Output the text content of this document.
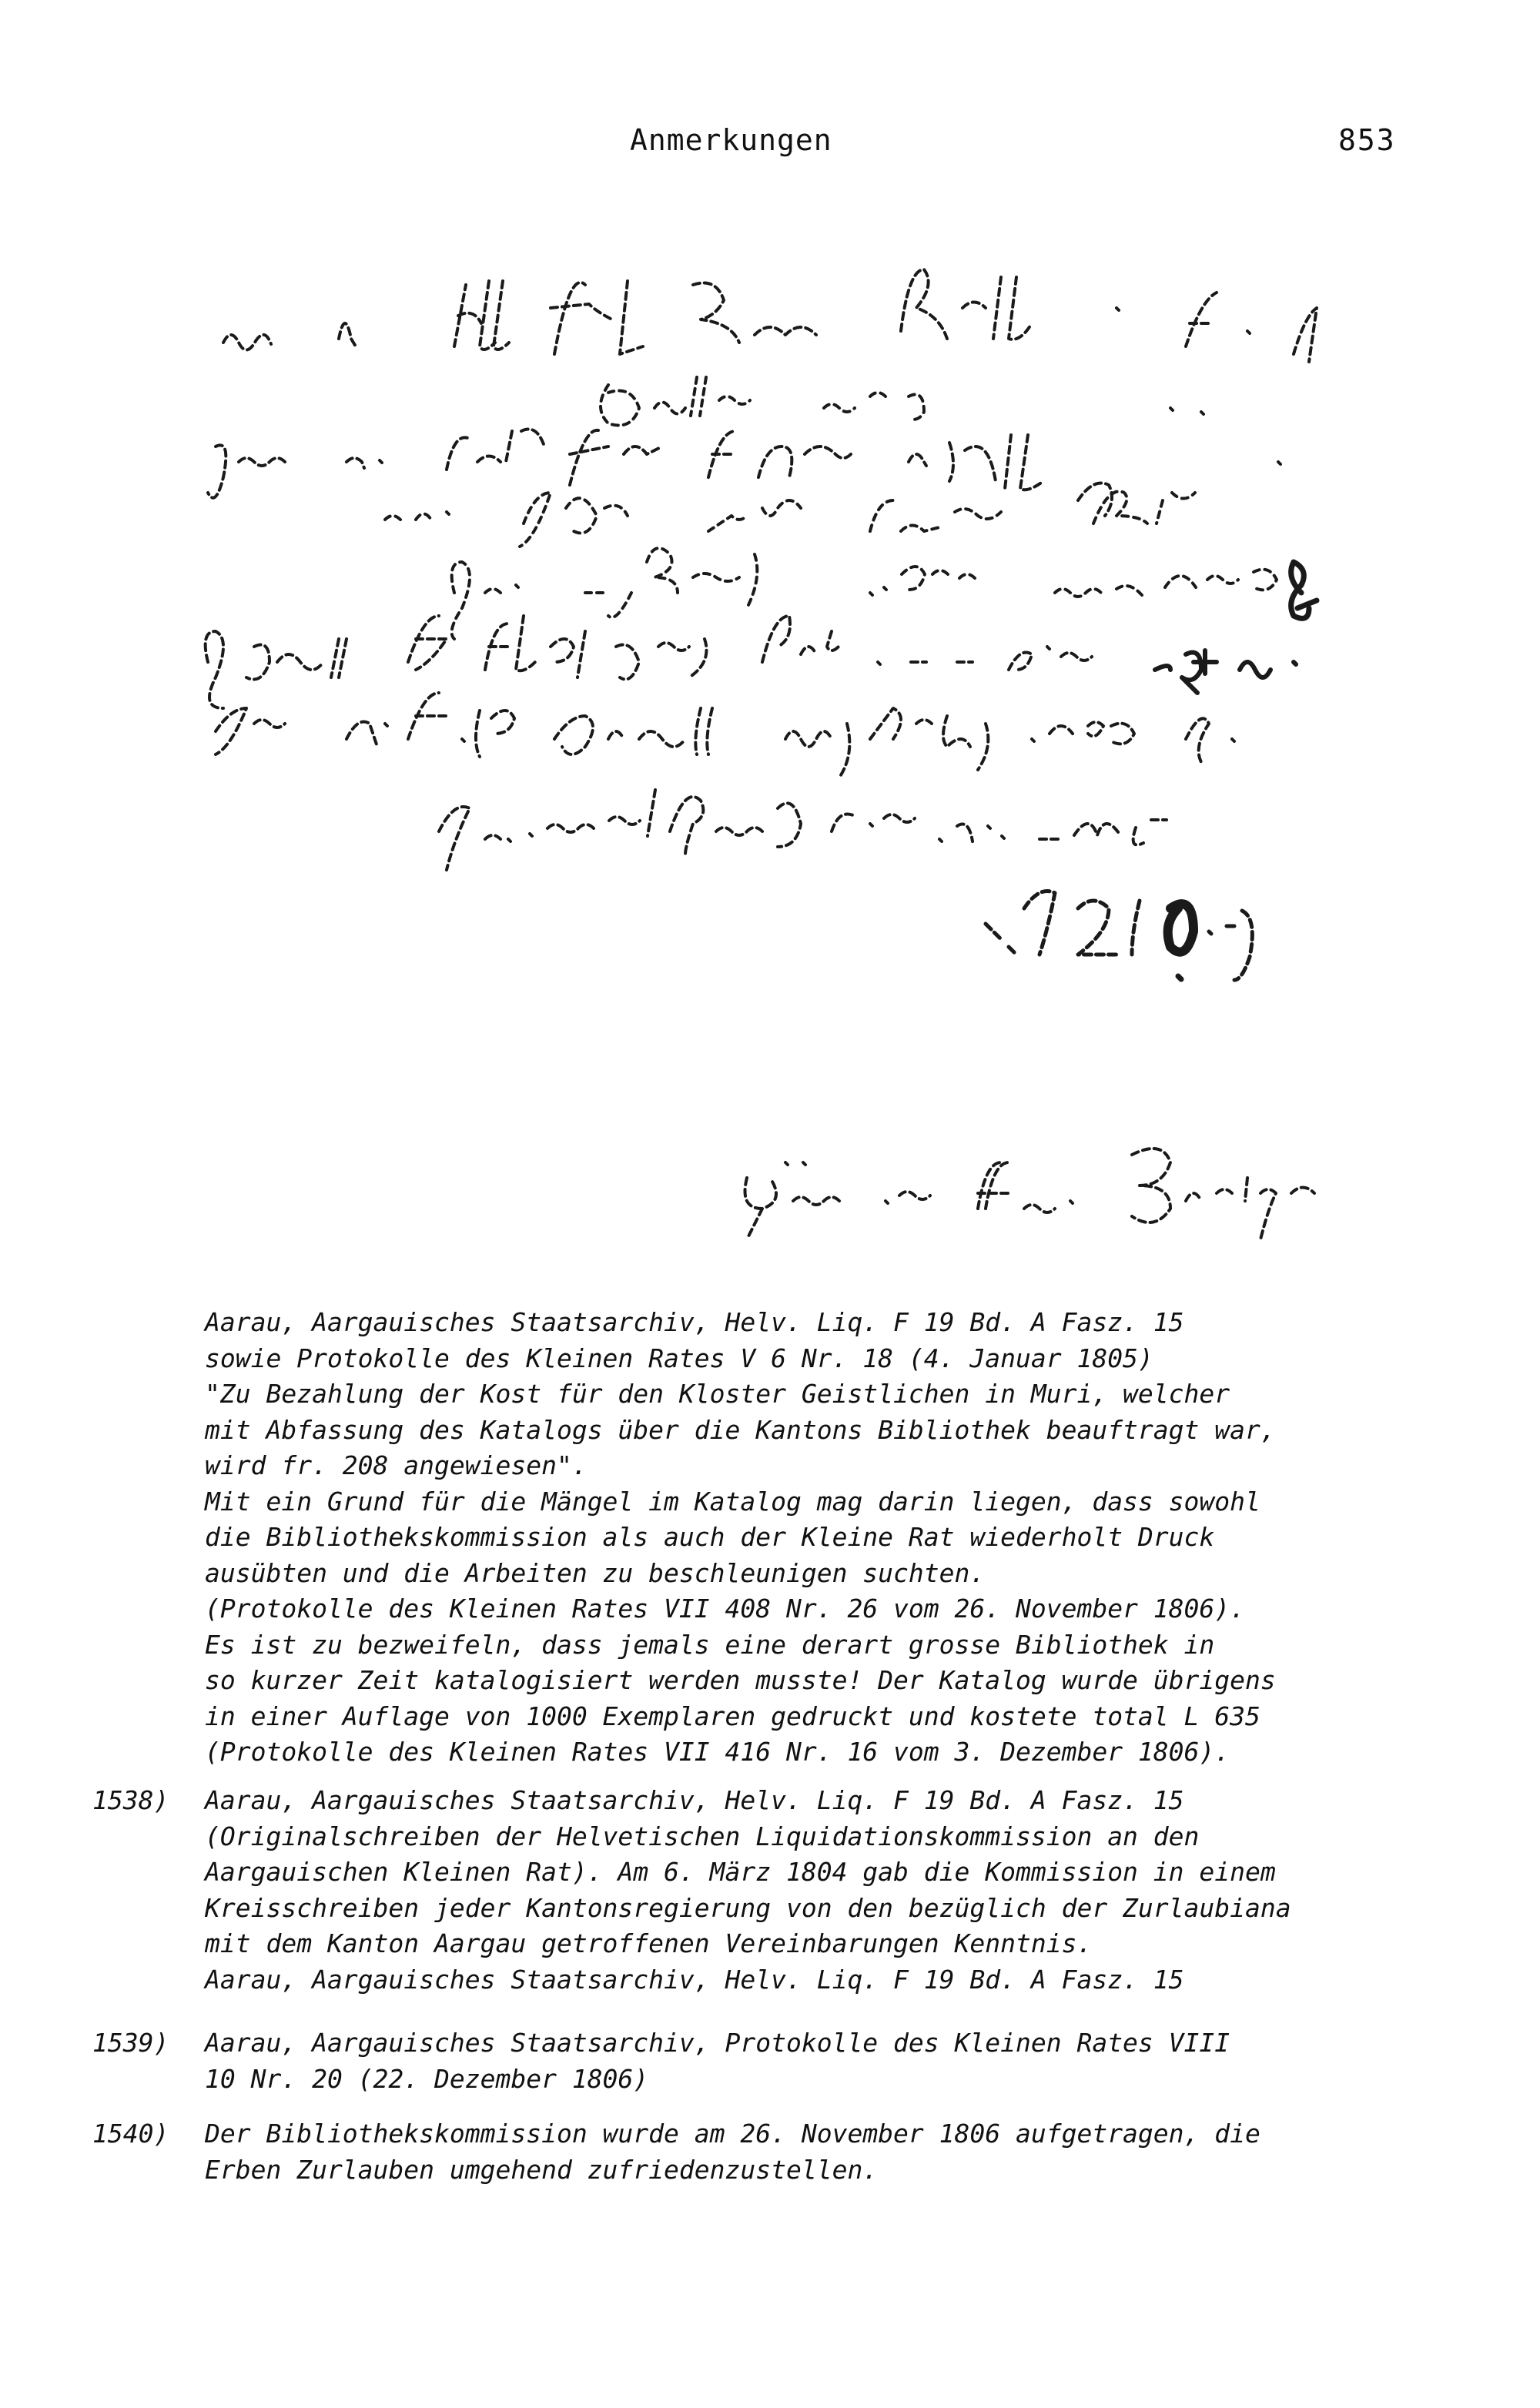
Anmerkungen	853
Aarau, Aargauisches Staatsarchiv, Helv. Liq. F 19 Bd. A Fasz. 15
sowie Protokolle des Kleinen Rates V 6 Nr. 18 (4. Januar 1805)
"Zu Bezahlung der Kost für den Kloster Geistlichen in Muri, welcher
mit Abfassung des Katalogs über die Kantons Bibliothek beauftragt war,
wird fr. 208 angewiesen".
Mit ein Grund für die Mängel im Katalog mag darin liegen, dass sowohl
die Bibliothekskommission als auch der Kleine Rat wiederholt Druck
ausübten und die Arbeiten zu beschleunigen suchten.
(Protokolle des Kleinen Rates VII 408 Nr. 26 vom 26. November 1806).
Es ist zu bezweifeln, dass jemals eine derart grosse Bibliothek in
so kurzer Zeit katalogisiert werden musste! Der Katalog wurde übrigens
in einer Auflage von 1000 Exemplaren gedruckt und kostete total L 635
(Protokolle des Kleinen Rates VII 416 Nr. 16 vom 3. Dezember 1806).
1538)	Aarau, Aargauisches Staatsarchiv, Helv. Liq. F 19 Bd. A Fasz. 15
(Originalschreiben der Helvetischen Liquidationskommission an den
Aargauischen Kleinen Rat). Am 6. März 1804 gab die Kommission in einem
Kreisschreiben jeder Kantonsregierung von den bezüglich der Zurlaubiana
mit dem Kanton Aargau getroffenen Vereinbarungen Kenntnis.
Aarau, Aargauisches Staatsarchiv, Helv. Liq. F 19 Bd. A Fasz. 15
1539)	Aarau, Aargauisches Staatsarchiv, Protokolle des Kleinen Rates VIII
10 Nr. 20 (22. Dezember 1806)
1540)	Der Bibliothekskommission wurde am 26. November 1806 aufgetragen, die
Erben Zurlauben umgehend zufriedenzustellen.
